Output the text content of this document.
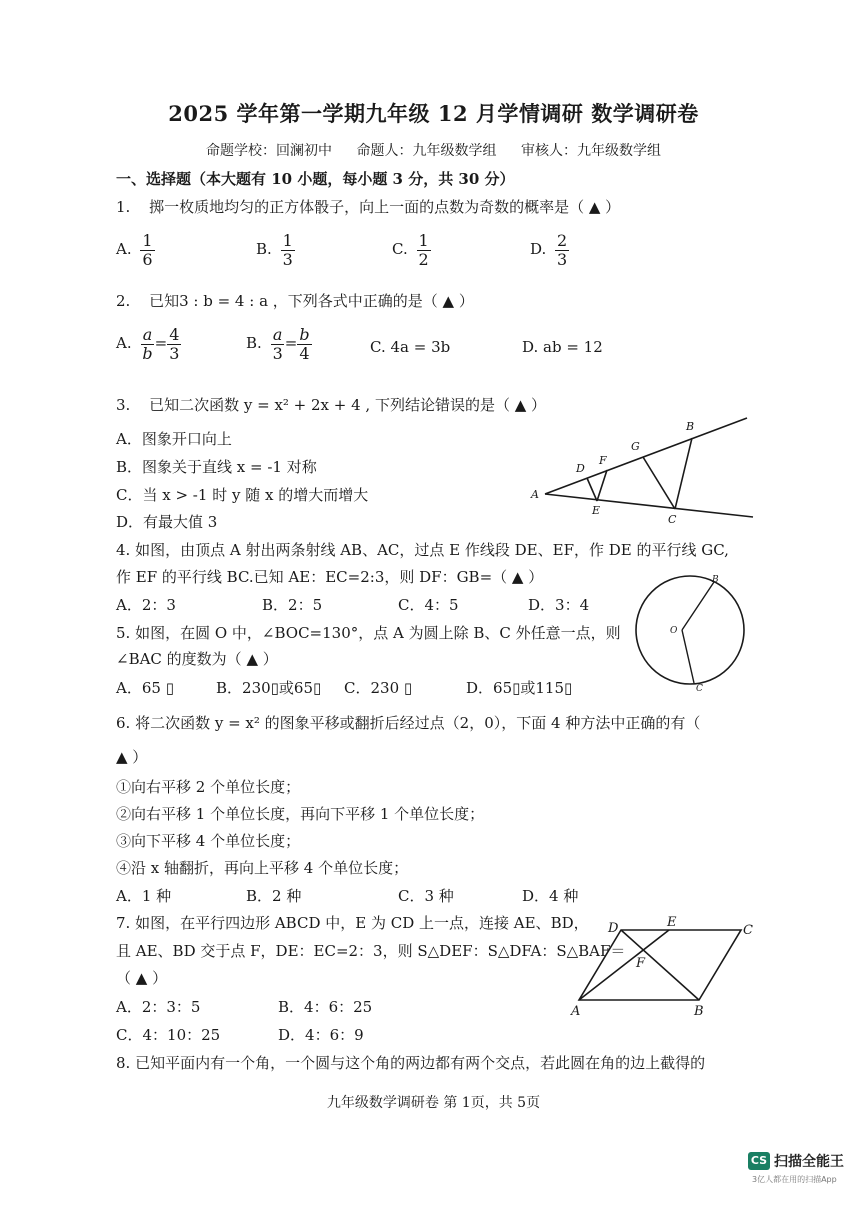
2025 学年第一学期九年级 12 月学情调研 数学调研卷
命题学校：回澜初中 命题人：九年级数学组 审核人：九年级数学组
一、选择题（本大题有 10 小题，每小题 3 分，共 30 分）
1. 掷一枚质地均匀的正方体骰子，向上一面的点数为奇数的概率是（ ▲ ）
A. $\frac{1}{6}$	B. $\frac{1}{3}$	C. $\frac{1}{2}$	D. $\frac{2}{3}$
2. 已知3 : b = 4 : a ，下列各式中正确的是（ ▲ ）
A. $\frac{a}{b} = \frac{4}{3}$	B. $\frac{a}{3} = \frac{b}{4}$	C. 4a = 3b	D. ab = 12
3. 已知二次函数 y = x² + 2x + 4 , 下列结论错误的是（ ▲ ）
A．图象开口向上
B．图象关于直线 x = -1 对称
C．当 x > -1 时 y 随 x 的增大而增大
D．有最大值 3
A
B
C
D
E
F
G
4. 如图，由顶点 A 射出两条射线 AB、AC，过点 E 作线段 DE、EF，作 DE 的平行线 GC,
作 EF 的平行线 BC.已知 AE：EC=2:3，则 DF：GB=（ ▲ ）
A．2：3	B．2：5	C．4：5	D．3：4
O
B
C
5. 如图，在圆 O 中，∠BOC=130°，点 A 为圆上除 B、C 外任意一点，则
∠BAC 的度数为（ ▲ ）
A．65 ▯	B．230▯或65▯ C．230 ▯	D．65▯或115▯
6. 将二次函数 y = x² 的图象平移或翻折后经过点（2，0），下面 4 种方法中正确的有（
▲ ）
①向右平移 2 个单位长度；
②向右平移 1 个单位长度，再向下平移 1 个单位长度；
③向下平移 4 个单位长度；
④沿 x 轴翻折，再向上平移 4 个单位长度；
A．1 种	B．2 种	C．3 种	D．4 种
A	B
C
D	E
F
7. 如图，在平行四边形 ABCD 中，E 为 CD 上一点，连接 AE、BD，
且 AE、BD 交于点 F，DE：EC=2：3，则 S△DEF：S△DFA：S△BAF＝
（ ▲ ）
A．2：3：5	B．4：6：25
C．4：10：25	D．4：6：9
8. 已知平面内有一个角，一个圆与这个角的两边都有两个交点，若此圆在角的边上截得的
九年级数学调研卷 第 1页，共 5页
CS 扫描全能王
3亿人都在用的扫描App
